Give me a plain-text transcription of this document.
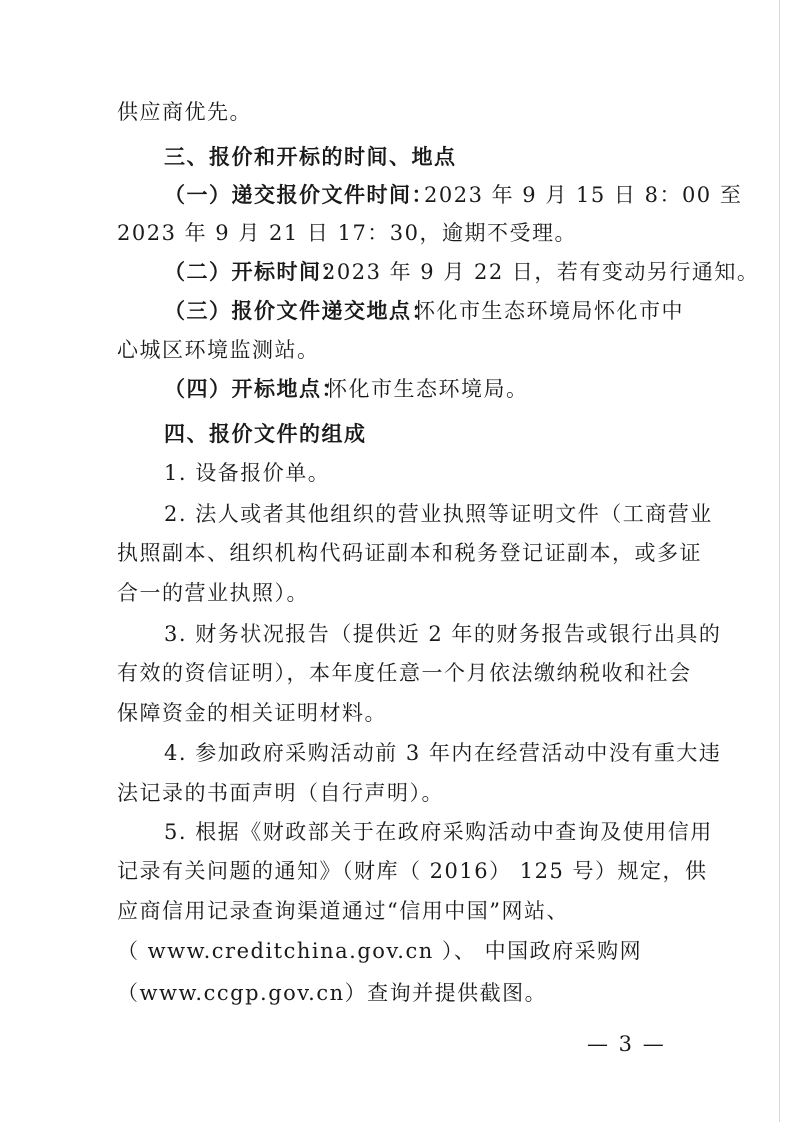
供应商优先。
三、报价和开标的时间、地点
（一）递交报价文件时间：
2023 年 9 月 15 日 8：00 至
2023 年 9 月 21 日 17：30，逾期不受理。
（二）开标时间：
2023 年 9 月 22 日，若有变动另行通知。
（三）报价文件递交地点：
怀化市生态环境局怀化市中
心城区环境监测站。
（四）开标地点：
怀化市生态环境局。
四、报价文件的组成
1. 设备报价单。
2. 法人或者其他组织的营业执照等证明文件（工商营业
执照副本、组织机构代码证副本和税务登记证副本，或多证
合一的营业执照）。
3. 财务状况报告（提供近 2 年的财务报告或银行出具的
有效的资信证明），本年度任意一个月依法缴纳税收和社会
保障资金的相关证明材料。
4. 参加政府采购活动前 3 年内在经营活动中没有重大违
法记录的书面声明（自行声明）。
5. 根据《财政部关于在政府采购活动中查询及使用信用
记录有关问题的通知》（财库（ 2016） 125 号）规定，供
应商信用记录查询渠道通过“信用中国”网站、
（ www.creditchina.gov.cn ）、 中国政府采购网
（www.ccgp.gov.cn）查询并提供截图。
— 3 —
